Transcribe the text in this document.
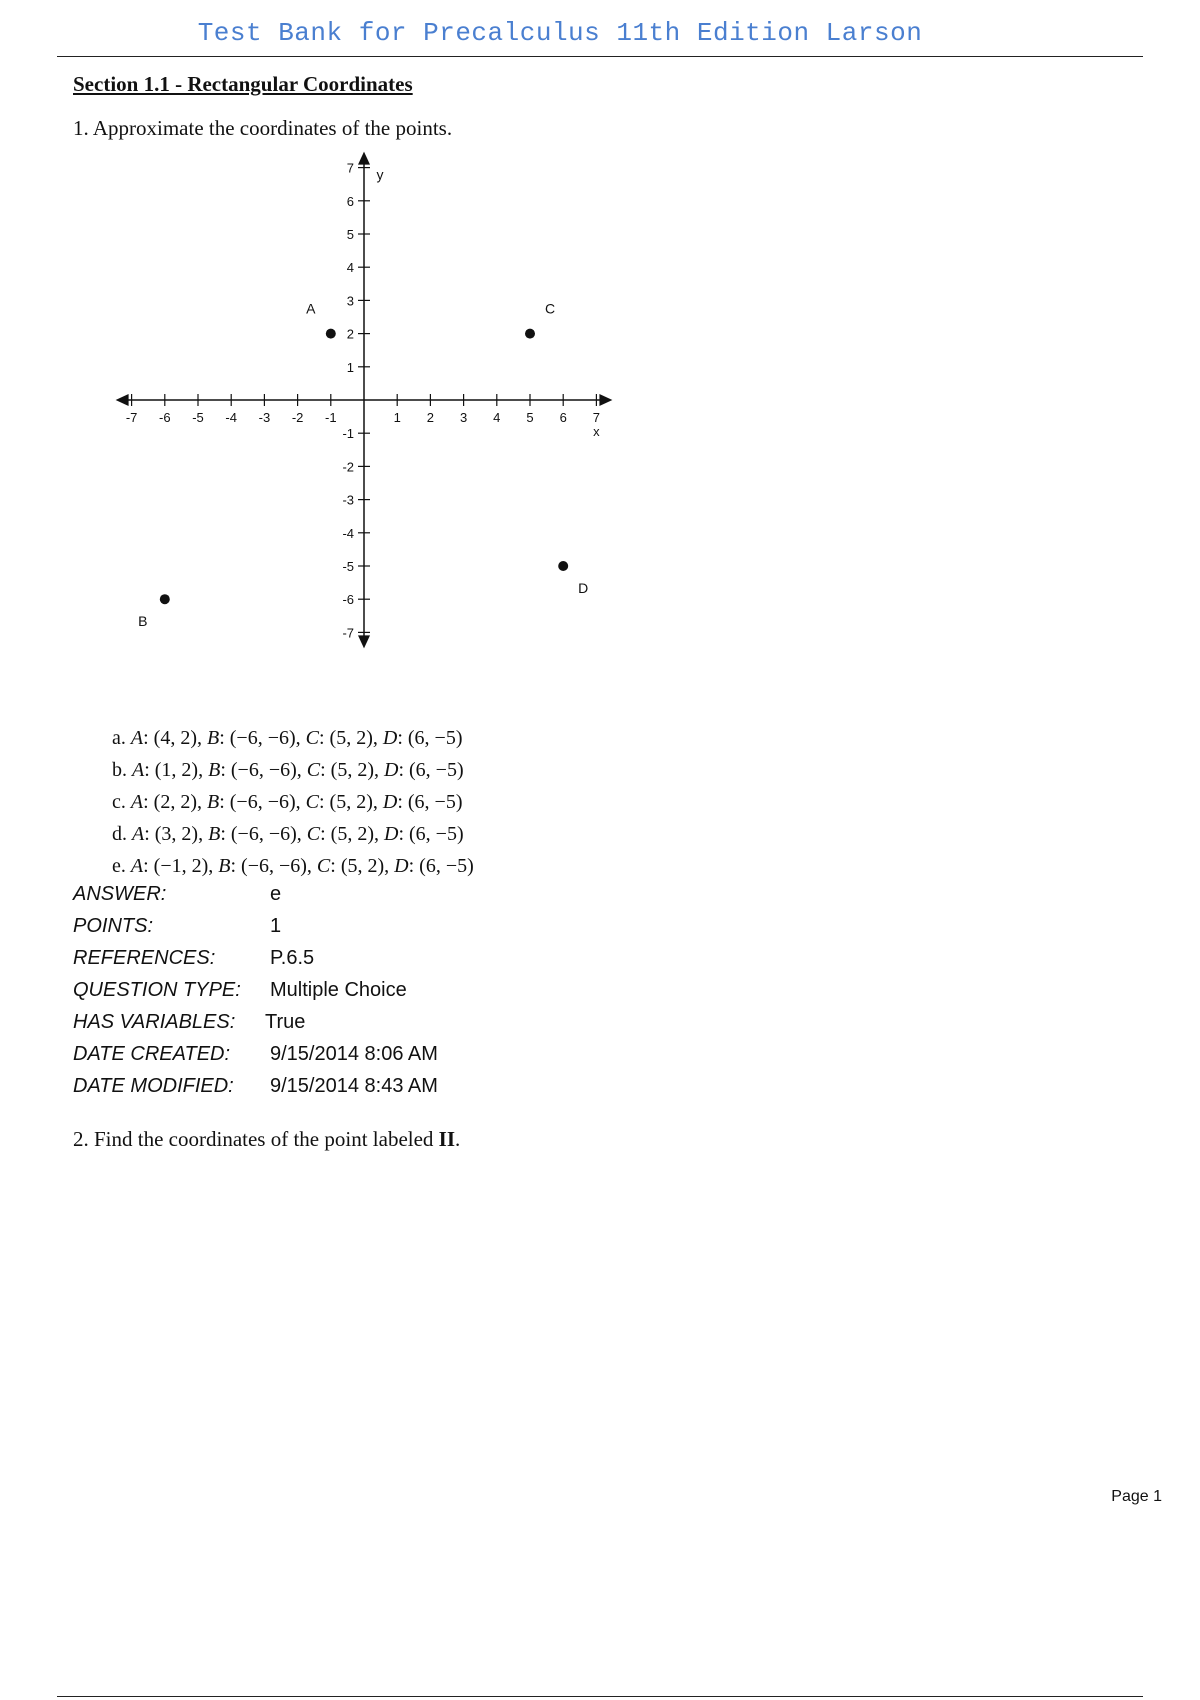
Test Bank for Precalculus 11th Edition Larson
Section 1.1 - Rectangular Coordinates
1. Approximate the coordinates of the points.
-7 -6 -5 -4 -3 -2 -1	1 2 3 4 5 6 7
7
6
5
4
3
2
1
-1
-2
-3
-4
-5
-6
-7
x
y
A
B
C
D
a. A: (4, 2), B: (−6, −6), C: (5, 2), D: (6, −5)
b. A: (1, 2), B: (−6, −6), C: (5, 2), D: (6, −5)
c. A: (2, 2), B: (−6, −6), C: (5, 2), D: (6, −5)
d. A: (3, 2), B: (−6, −6), C: (5, 2), D: (6, −5)
e. A: (−1, 2), B: (−6, −6), C: (5, 2), D: (6, −5)
ANSWER:	e
POINTS:	1
REFERENCES:	P.6.5
QUESTION TYPE: Multiple Choice
HAS VARIABLES: True
DATE CREATED: 9/15/2014 8:06 AM
DATE MODIFIED: 9/15/2014 8:43 AM
2. Find the coordinates of the point labeled II.
Page 1
